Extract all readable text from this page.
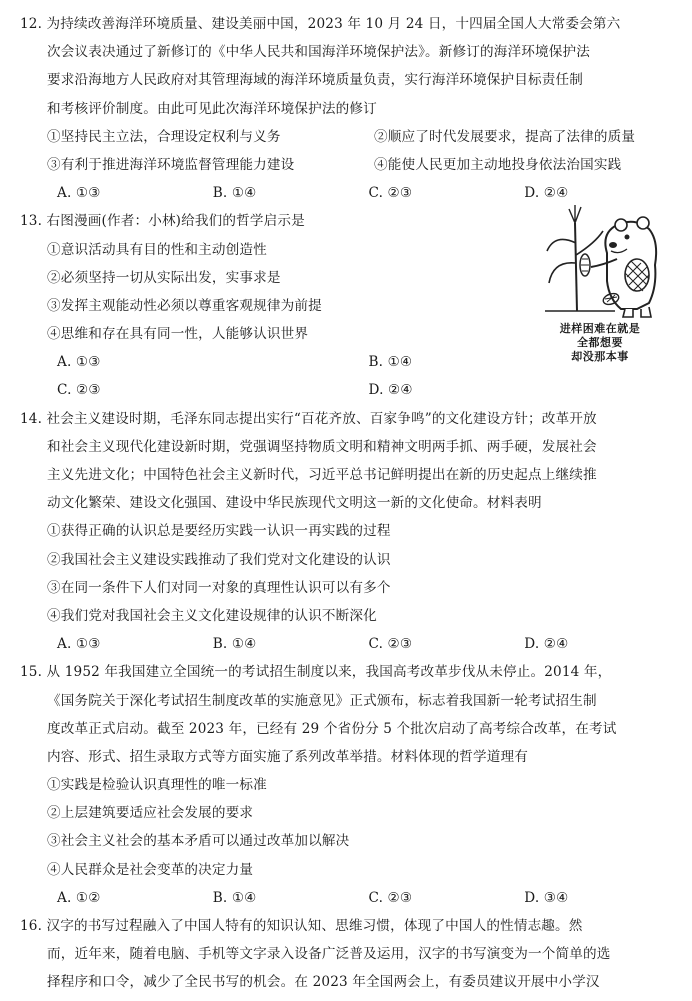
12. 为持续改善海洋环境质量、建设美丽中国，2023 年 10 月 24 日，十四届全国人大常委会第六
次会议表决通过了新修订的《中华人民共和国海洋环境保护法》。新修订的海洋环境保护法
要求沿海地方人民政府对其管理海域的海洋环境质量负责，实行海洋环境保护目标责任制
和考核评价制度。由此可见此次海洋环境保护法的修订
①坚持民主立法，合理设定权利与义务	②顺应了时代发展要求，提高了法律的质量
③有利于推进海洋环境监督管理能力建设	④能使人民更加主动地投身依法治国实践
A. ①③	B. ①④	C. ②③	D. ②④
13. 右图漫画(作者：小林)给我们的哲学启示是
①意识活动具有目的性和主动创造性
②必须坚持一切从实际出发，实事求是
③发挥主观能动性必须以尊重客观规律为前提
④思维和存在具有同一性，人能够认识世界
A. ①③	B. ①④
C. ②③	D. ②④
14. 社会主义建设时期，毛泽东同志提出实行“百花齐放、百家争鸣”的文化建设方针；改革开放
和社会主义现代化建设新时期，党强调坚持物质文明和精神文明两手抓、两手硬，发展社会
主义先进文化；中国特色社会主义新时代，习近平总书记鲜明提出在新的历史起点上继续推
动文化繁荣、建设文化强国、建设中华民族现代文明这一新的文化使命。材料表明
①获得正确的认识总是要经历实践一认识一再实践的过程
②我国社会主义建设实践推动了我们党对文化建设的认识
③在同一条件下人们对同一对象的真理性认识可以有多个
④我们党对我国社会主义文化建设规律的认识不断深化
A. ①③	B. ①④	C. ②③	D. ②④
15. 从 1952 年我国建立全国统一的考试招生制度以来，我国高考改革步伐从未停止。2014 年，
《国务院关于深化考试招生制度改革的实施意见》正式颁布，标志着我国新一轮考试招生制
度改革正式启动。截至 2023 年，已经有 29 个省份分 5 个批次启动了高考综合改革，在考试
内容、形式、招生录取方式等方面实施了系列改革举措。材料体现的哲学道理有
①实践是检验认识真理性的唯一标准
②上层建筑要适应社会发展的要求
③社会主义社会的基本矛盾可以通过改革加以解决
④人民群众是社会变革的决定力量
A. ①②	B. ①④	C. ②③	D. ③④
16. 汉字的书写过程融入了中国人特有的知识认知、思维习惯，体现了中国人的性情志趣。然
而，近年来，随着电脑、手机等文字录入设备广泛普及运用，汉字的书写演变为一个简单的选
择程序和口令，减少了全民书写的机会。在 2023 年全国两会上，有委员建议开展中小学汉
进样困难在就是
全都想要
却没那本事
